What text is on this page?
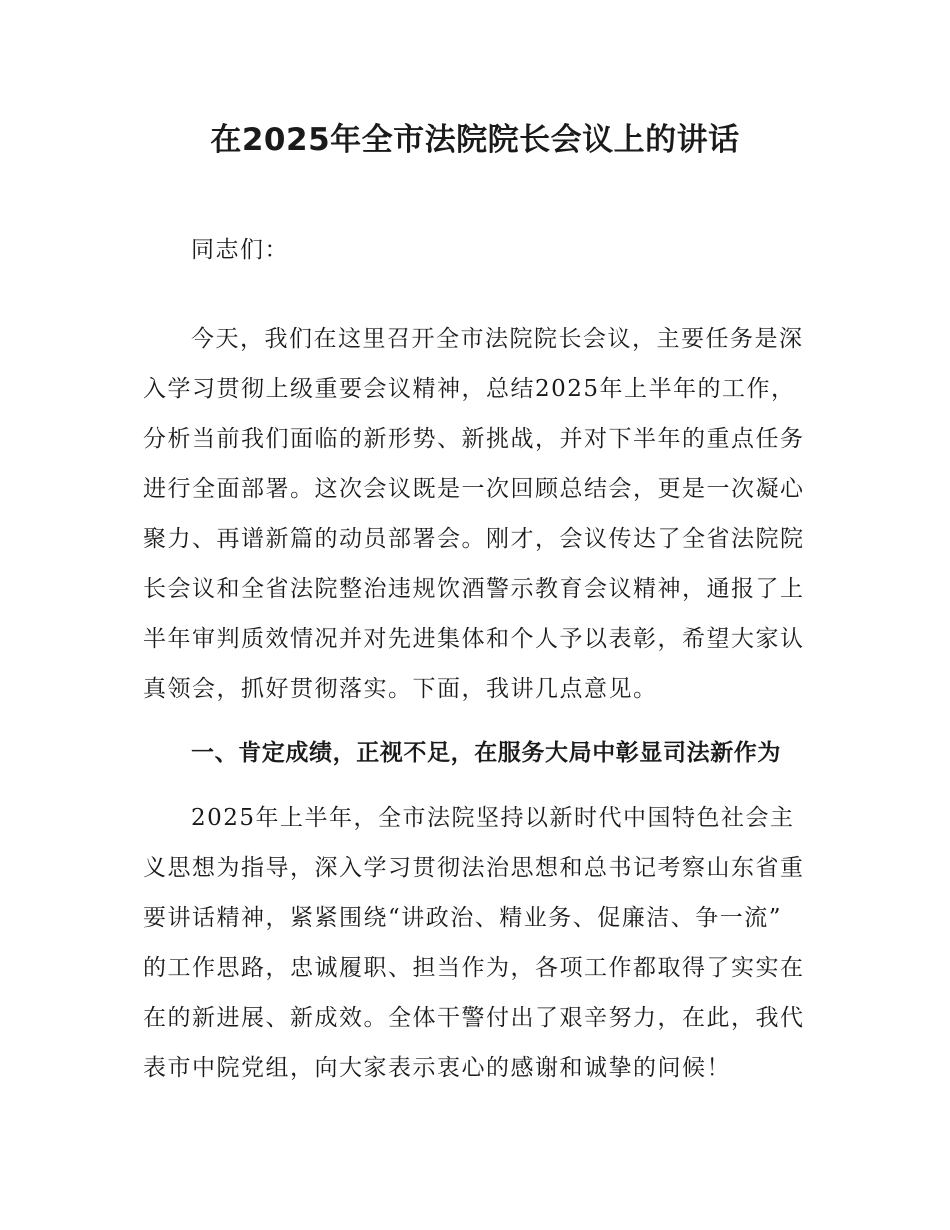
在2025年全市法院院长会议上的讲话

同志们：

今天，我们在这里召开全市法院院长会议，主要任务是深

入学习贯彻上级重要会议精神，总结2025年上半年的工作，

分析当前我们面临的新形势、新挑战，并对下半年的重点任务

进行全面部署。这次会议既是一次回顾总结会，更是一次凝心

聚力、再谱新篇的动员部署会。刚才，会议传达了全省法院院

长会议和全省法院整治违规饮酒警示教育会议精神，通报了上

半年审判质效情况并对先进集体和个人予以表彰，希望大家认

真领会，抓好贯彻落实。下面，我讲几点意见。

一、肯定成绩，正视不足，在服务大局中彰显司法新作为

2025年上半年，全市法院坚持以新时代中国特色社会主

义思想为指导，深入学习贯彻法治思想和总书记考察山东省重

要讲话精神，紧紧围绕“讲政治、精业务、促廉洁、争一流”

的工作思路，忠诚履职、担当作为，各项工作都取得了实实在

在的新进展、新成效。全体干警付出了艰辛努力，在此，我代

表市中院党组，向大家表示衷心的感谢和诚挚的问候！
